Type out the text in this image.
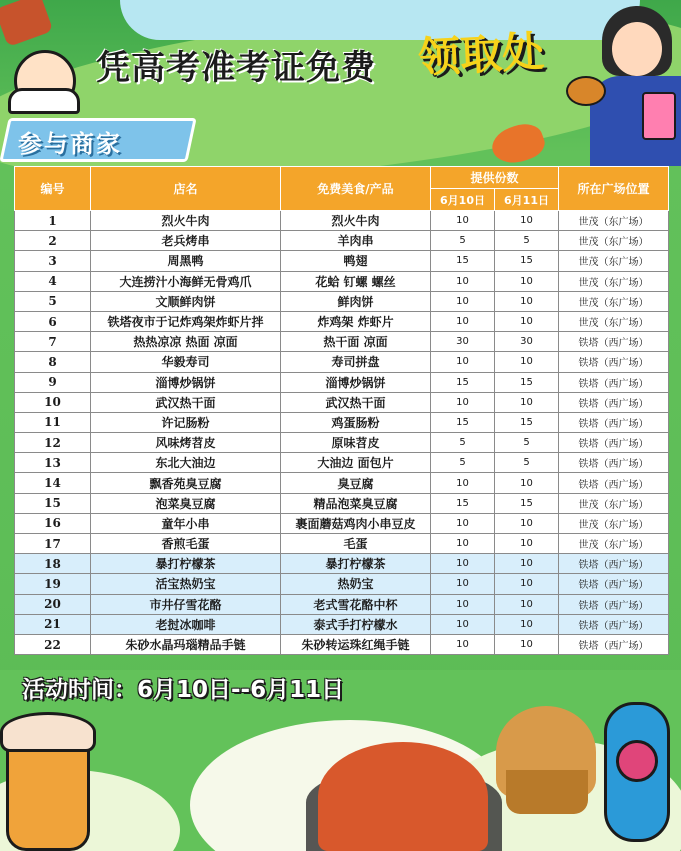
凭高考准考证免费 领取处
参与商家
编号	店名	免费美食/产品	提供份数		所在广场位置
			6月10日	6月11日	
1	烈火牛肉	烈火牛肉	10	10	世茂（东广场）
2	老兵烤串	羊肉串	5	5	世茂（东广场）
3	周黑鸭	鸭翅	15	15	世茂（东广场）
4	大连捞汁小海鲜无骨鸡爪	花蛤 钉螺 螺丝	10	10	世茂（东广场）
5	文顺鲜肉饼	鲜肉饼	10	10	世茂（东广场）
6	铁塔夜市于记炸鸡架炸虾片拌	炸鸡架 炸虾片	10	10	世茂（东广场）
7	热热凉凉 热面 凉面	热干面 凉面	30	30	铁塔（西广场）
8	华毅寿司	寿司拼盘	10	10	铁塔（西广场）
9	淄博炒锅饼	淄博炒锅饼	15	15	铁塔（西广场）
10	武汉热干面	武汉热干面	10	10	铁塔（西广场）
11	许记肠粉	鸡蛋肠粉	15	15	铁塔（西广场）
12	风味烤苕皮	原味苕皮	5	5	铁塔（西广场）
13	东北大油边	大油边 面包片	5	5	铁塔（西广场）
14	飘香苑臭豆腐	臭豆腐	10	10	铁塔（西广场）
15	泡菜臭豆腐	精品泡菜臭豆腐	15	15	世茂（东广场）
16	童年小串	裹面蘑菇鸡肉小串豆皮	10	10	世茂（东广场）
17	香煎毛蛋	毛蛋	10	10	世茂（东广场）
18	暴打柠檬茶	暴打柠檬茶	10	10	铁塔（西广场）
19	活宝热奶宝	热奶宝	10	10	铁塔（西广场）
20	市井仔雪花酪	老式雪花酪中杯	10	10	铁塔（西广场）
21	老挝冰咖啡	泰式手打柠檬水	10	10	铁塔（西广场）
22	朱砂水晶玛瑙精品手链	朱砂转运珠红绳手链	10	10	铁塔（西广场）
活动时间：6月10日--6月11日
